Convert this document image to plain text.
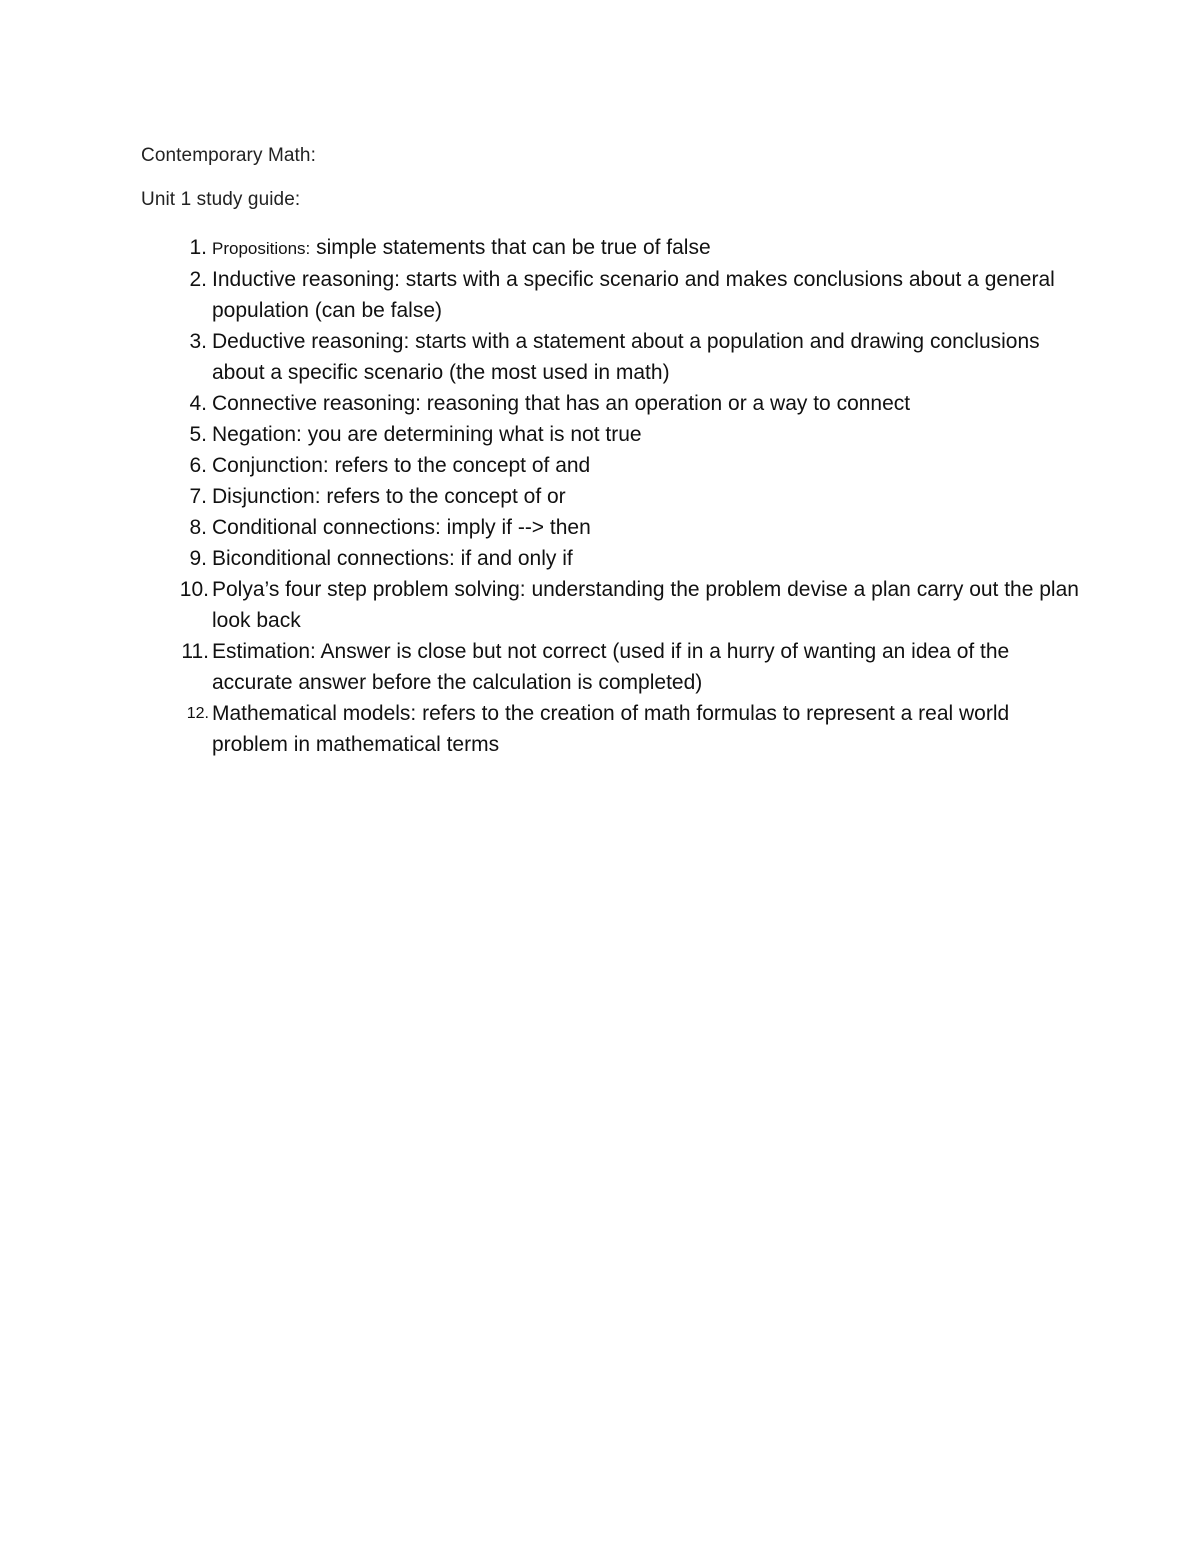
Contemporary Math:
Unit 1 study guide:
1. Propositions: simple statements that can be true of false
2. Inductive reasoning: starts with a specific scenario and makes conclusions about a general population (can be false)
3. Deductive reasoning: starts with a statement about a population and drawing conclusions about a specific scenario (the most used in math)
4. Connective reasoning: reasoning that has an operation or a way to connect
5. Negation: you are determining what is not true
6. Conjunction: refers to the concept of and
7. Disjunction: refers to the concept of or
8. Conditional connections: imply if --> then
9. Biconditional connections: if and only if
10. Polya’s four step problem solving: understanding the problem devise a plan carry out the plan look back
11. Estimation: Answer is close but not correct (used if in a hurry of wanting an idea of the accurate answer before the calculation is completed)
12. Mathematical models: refers to the creation of math formulas to represent a real world problem in mathematical terms
